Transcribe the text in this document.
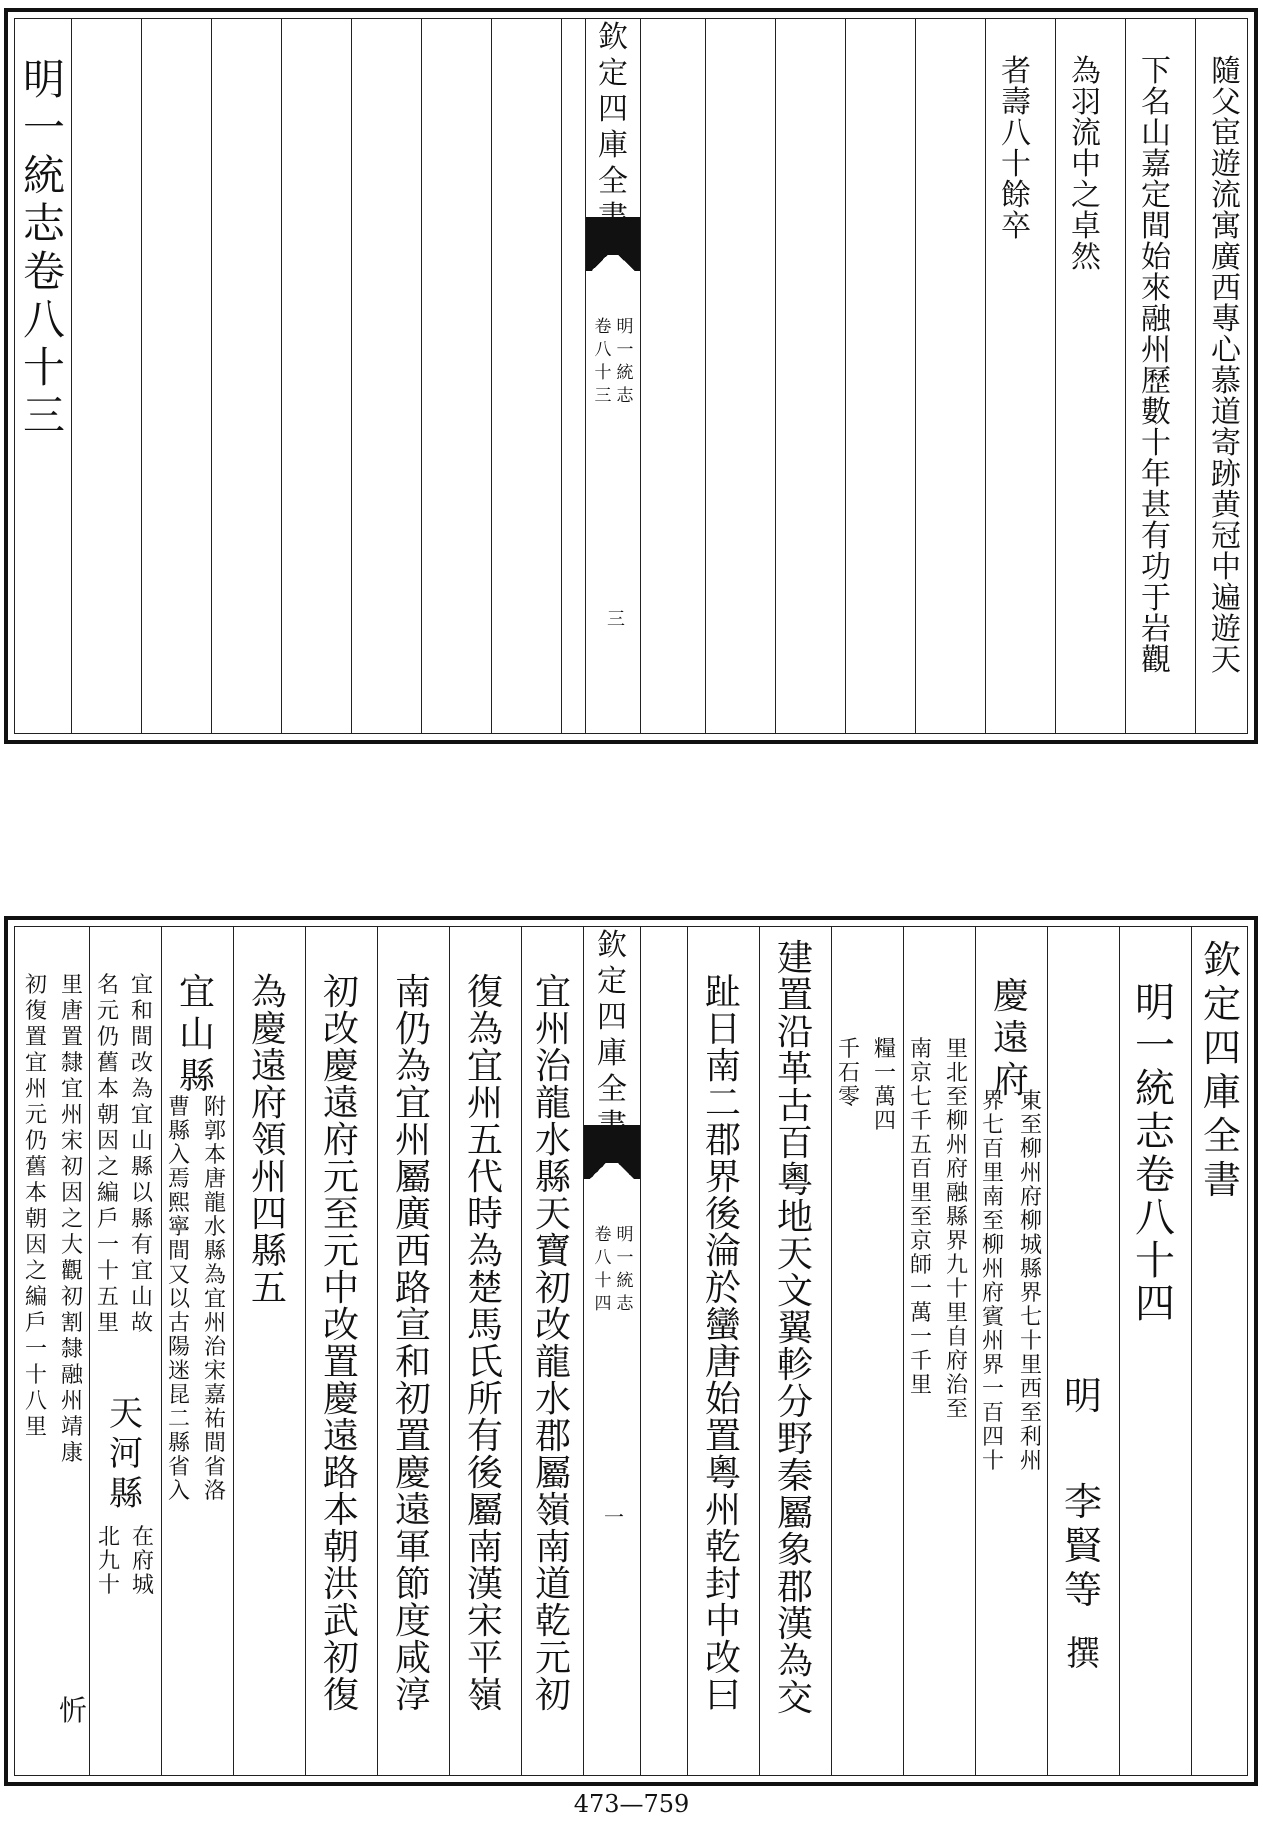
明
一
統
志
卷
八
十
三
欽
定
四
庫
全
明
一
統
志
卷
八
十
三
三
隨
父
宦
遊
流
寓
廣
西
專
心
慕
道
寄
跡
黄
冠
中
遍
遊
天
下
名
山
嘉
定
間
始
來
融
州
歷
數
十
年
甚
有
功
于
岩
觀
為
羽
流
中
之
卓
然
者
壽
八
十
餘
卒
欽
定
四
庫
全
書
明
一
統
志
卷
八
十
四
明
李
賢
等
撰
慶
遠
府
東
至
柳
州
府
柳
城
縣
界
七
十
里
西
至
利
州
界
七
百
里
南
至
柳
州
府
賓
州
界
一
百
四
十
里
北
至
柳
州
府
融
縣
界
九
十
里
自
府
治
至
南
京
七
千
五
百
里
至
京
師
一
萬
一
千
里
糧
一
萬
四
千
石
零
建
置
沿
革
古
百
粵
地
天
文
翼
軫
分
野
秦
屬
象
郡
漢
為
交
趾
日
南
二
郡
界
後
淪
於
蠻
唐
始
置
粵
州
乾
封
中
改
曰
欽
定
四
庫
全
明
一
統
志
卷
八
十
四
一
宜
州
治
龍
水
縣
天
寶
初
改
龍
水
郡
屬
嶺
南
道
乾
元
初
復
為
宜
州
五
代
時
為
楚
馬
氏
所
有
後
屬
南
漢
宋
平
嶺
南
仍
為
宜
州
屬
廣
西
路
宣
和
初
置
慶
遠
軍
節
度
咸
淳
初
改
慶
遠
府
元
至
元
中
改
置
慶
遠
路
本
朝
洪
武
初
復
為
慶
遠
府
領
州
四
縣
五
宜
山
縣
附
郭
本
唐
龍
水
縣
為
宜
州
治
宋
嘉
祐
間
省
洛
曹
縣
入
焉
熙
寧
間
又
以
古
陽
迷
昆
二
縣
省
入
宜
和
間
改
為
宜
山
縣
以
縣
有
宜
山
故
名
元
仍
舊
本
朝
因
之
編
戶
一
十
五
里
天
河
縣
在
府
城
北
九
十
里
唐
置
隸
宜
州
宋
初
因
之
大
觀
初
割
隸
融
州
靖
康
忻
初
復
置
宜
州
元
仍
舊
本
朝
因
之
編
戶
一
十
八
里
473—759
